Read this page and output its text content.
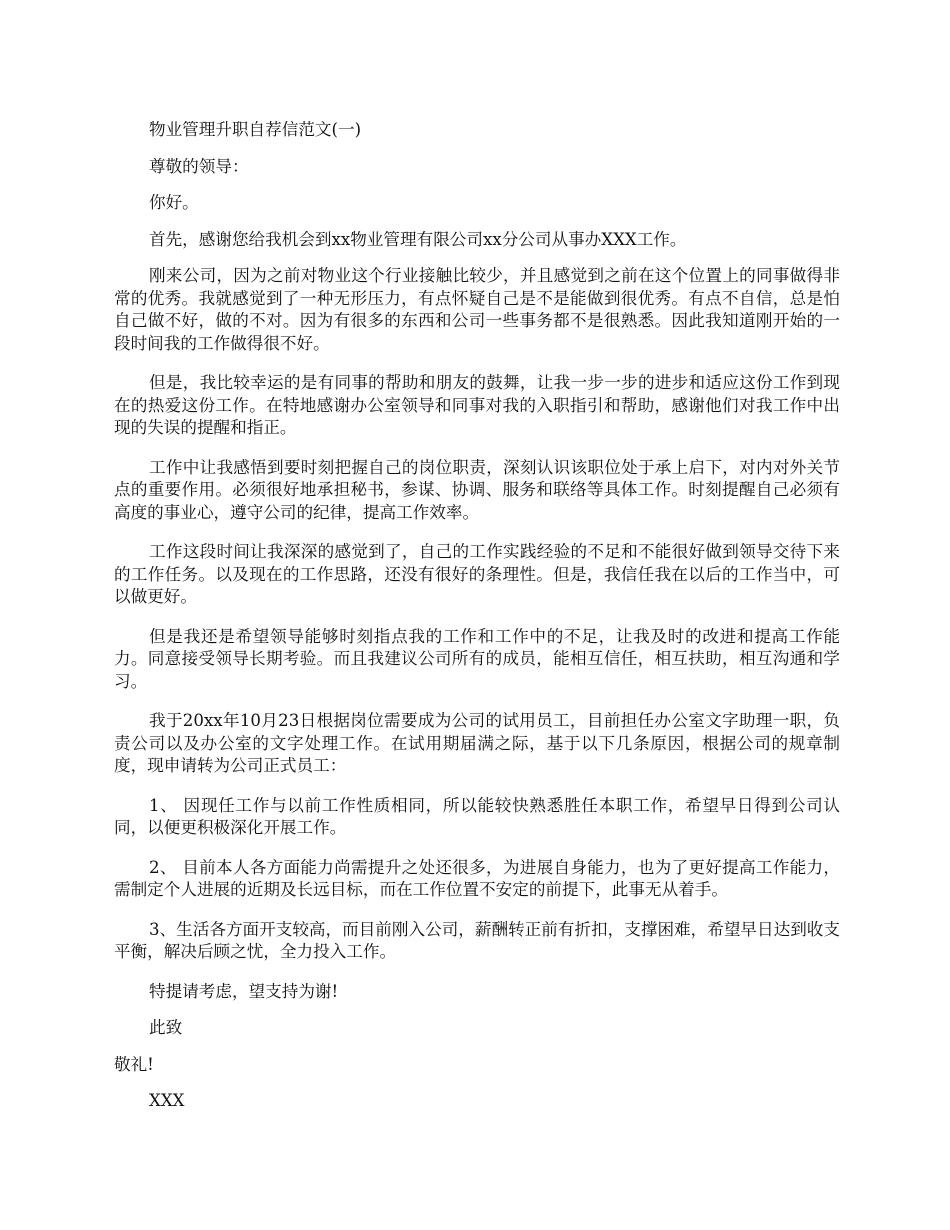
物业管理升职自荐信范文(一)

尊敬的领导：

你好。

首先，感谢您给我机会到xx物业管理有限公司xx分公司从事办XXX工作。

刚来公司，因为之前对物业这个行业接触比较少，并且感觉到之前在这个位置上的同事做得非常的优秀。我就感觉到了一种无形压力，有点怀疑自己是不是能做到很优秀。有点不自信，总是怕自己做不好，做的不对。因为有很多的东西和公司一些事务都不是很熟悉。因此我知道刚开始的一段时间我的工作做得很不好。

但是，我比较幸运的是有同事的帮助和朋友的鼓舞，让我一步一步的进步和适应这份工作到现在的热爱这份工作。在特地感谢办公室领导和同事对我的入职指引和帮助，感谢他们对我工作中出现的失误的提醒和指正。

工作中让我感悟到要时刻把握自己的岗位职责，深刻认识该职位处于承上启下，对内对外关节点的重要作用。必须很好地承担秘书，参谋、协调、服务和联络等具体工作。时刻提醒自己必须有高度的事业心，遵守公司的纪律，提高工作效率。

工作这段时间让我深深的感觉到了，自己的工作实践经验的不足和不能很好做到领导交待下来的工作任务。以及现在的工作思路，还没有很好的条理性。但是，我信任我在以后的工作当中，可以做更好。

但是我还是希望领导能够时刻指点我的工作和工作中的不足，让我及时的改进和提高工作能力。同意接受领导长期考验。而且我建议公司所有的成员，能相互信任，相互扶助，相互沟通和学习。

我于20xx年10月23日根据岗位需要成为公司的试用员工，目前担任办公室文字助理一职，负责公司以及办公室的文字处理工作。在试用期届满之际，基于以下几条原因，根据公司的规章制度，现申请转为公司正式员工：

1、 因现任工作与以前工作性质相同，所以能较快熟悉胜任本职工作，希望早日得到公司认同，以便更积极深化开展工作。

2、 目前本人各方面能力尚需提升之处还很多，为进展自身能力，也为了更好提高工作能力，需制定个人进展的近期及长远目标，而在工作位置不安定的前提下，此事无从着手。

3、生活各方面开支较高，而目前刚入公司，薪酬转正前有折扣，支撑困难，希望早日达到收支平衡，解决后顾之忧，全力投入工作。

特提请考虑，望支持为谢!

此致

敬礼!

XXX
